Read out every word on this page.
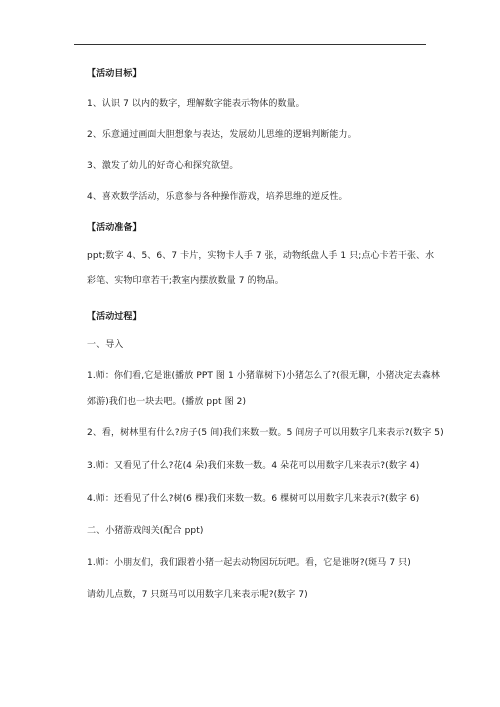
【活动目标】
1、认识 7 以内的数字，理解数字能表示物体的数量。
2、乐意通过画面大胆想象与表达，发展幼儿思维的逻辑判断能力。
3、激发了幼儿的好奇心和探究欲望。
4、喜欢数学活动，乐意参与各种操作游戏，培养思维的逆反性。
【活动准备】
ppt;数字 4、5、6、7 卡片，实物卡人手 7 张，动物纸盘人手 1 只;点心卡若干张、水
彩笔、实物印章若干;教室内摆放数量 7 的物品。
【活动过程】
一、导入
1.师：你们看,它是谁(播放 PPT 图 1 小猪靠树下)小猪怎么了?(很无聊，小猪决定去森林
郊游)我们也一块去吧。(播放 ppt 图 2)
2、看，树林里有什么?房子(5 间)我们来数一数。5 间房子可以用数字几来表示?(数字 5)
3.师：又看见了什么?花(4 朵)我们来数一数。4 朵花可以用数字几来表示?(数字 4)
4.师：还看见了什么?树(6 棵)我们来数一数。6 棵树可以用数字几来表示?(数字 6)
二、小猪游戏闯关(配合 ppt)
1.师：小朋友们，我们跟着小猪一起去动物园玩玩吧。看，它是谁呀?(斑马 7 只)
请幼儿点数，7 只斑马可以用数字几来表示呢?(数字 7)
